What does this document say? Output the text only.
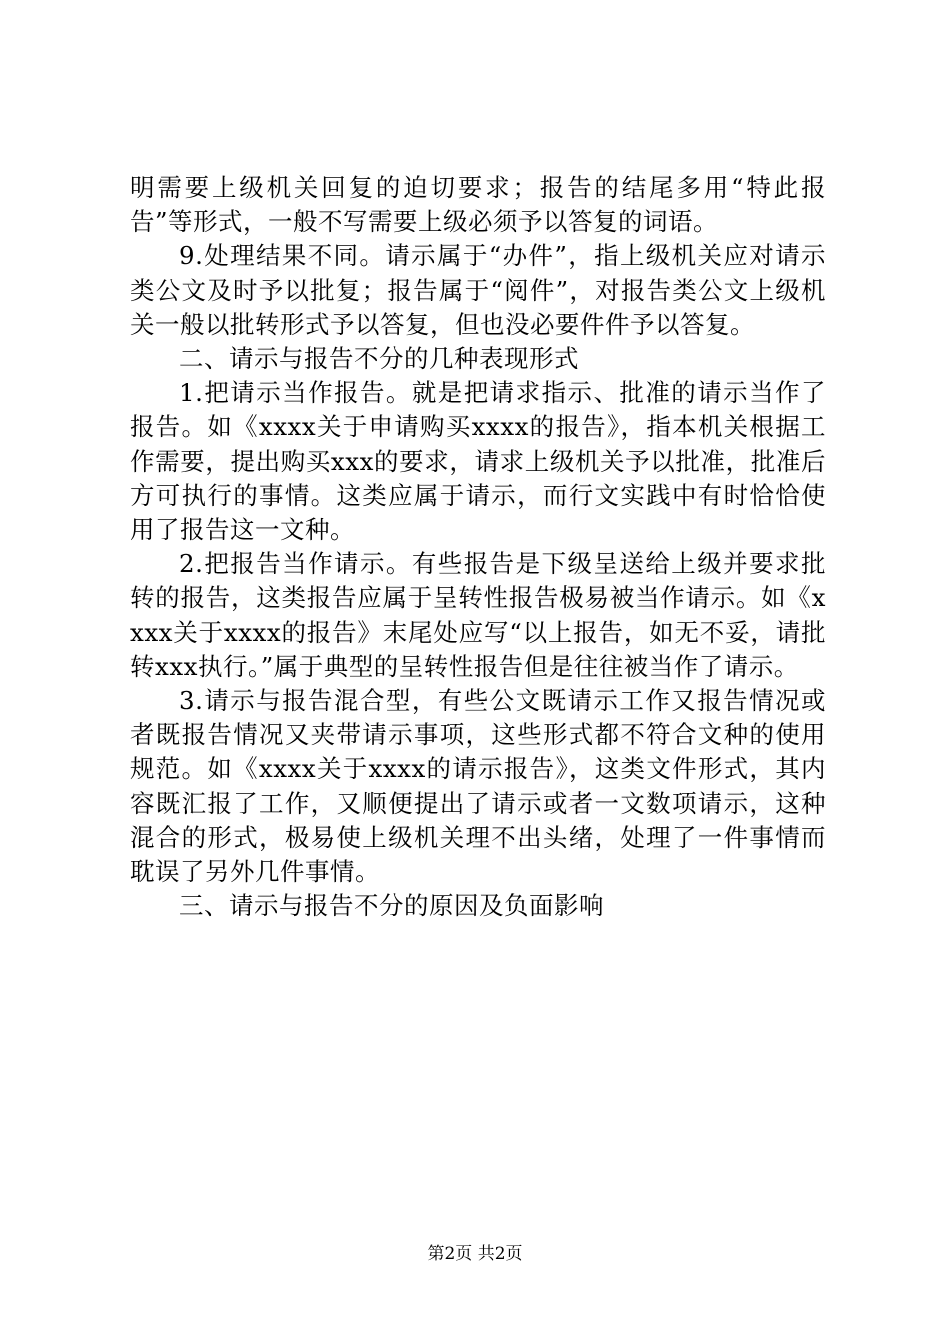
明需要上级机关回复的迫切要求；报告的结尾多用“特此报告”等形式，一般不写需要上级必须予以答复的词语。

9.处理结果不同。请示属于“办件”，指上级机关应对请示类公文及时予以批复；报告属于“阅件”，对报告类公文上级机关一般以批转形式予以答复，但也没必要件件予以答复。

二、请示与报告不分的几种表现形式

1.把请示当作报告。就是把请求指示、批准的请示当作了报告。如《xxxx关于申请购买xxxx的报告》，指本机关根据工作需要，提出购买xxx的要求，请求上级机关予以批准，批准后方可执行的事情。这类应属于请示，而行文实践中有时恰恰使用了报告这一文种。

2.把报告当作请示。有些报告是下级呈送给上级并要求批转的报告，这类报告应属于呈转性报告极易被当作请示。如《xxxx关于xxxx的报告》末尾处应写“以上报告，如无不妥，请批转xxx执行。”属于典型的呈转性报告但是往往被当作了请示。

3.请示与报告混合型，有些公文既请示工作又报告情况或者既报告情况又夹带请示事项，这些形式都不符合文种的使用规范。如《xxxx关于xxxx的请示报告》，这类文件形式，其内容既汇报了工作，又顺便提出了请示或者一文数项请示，这种混合的形式，极易使上级机关理不出头绪，处理了一件事情而耽误了另外几件事情。

三、请示与报告不分的原因及负面影响

第2页 共2页
